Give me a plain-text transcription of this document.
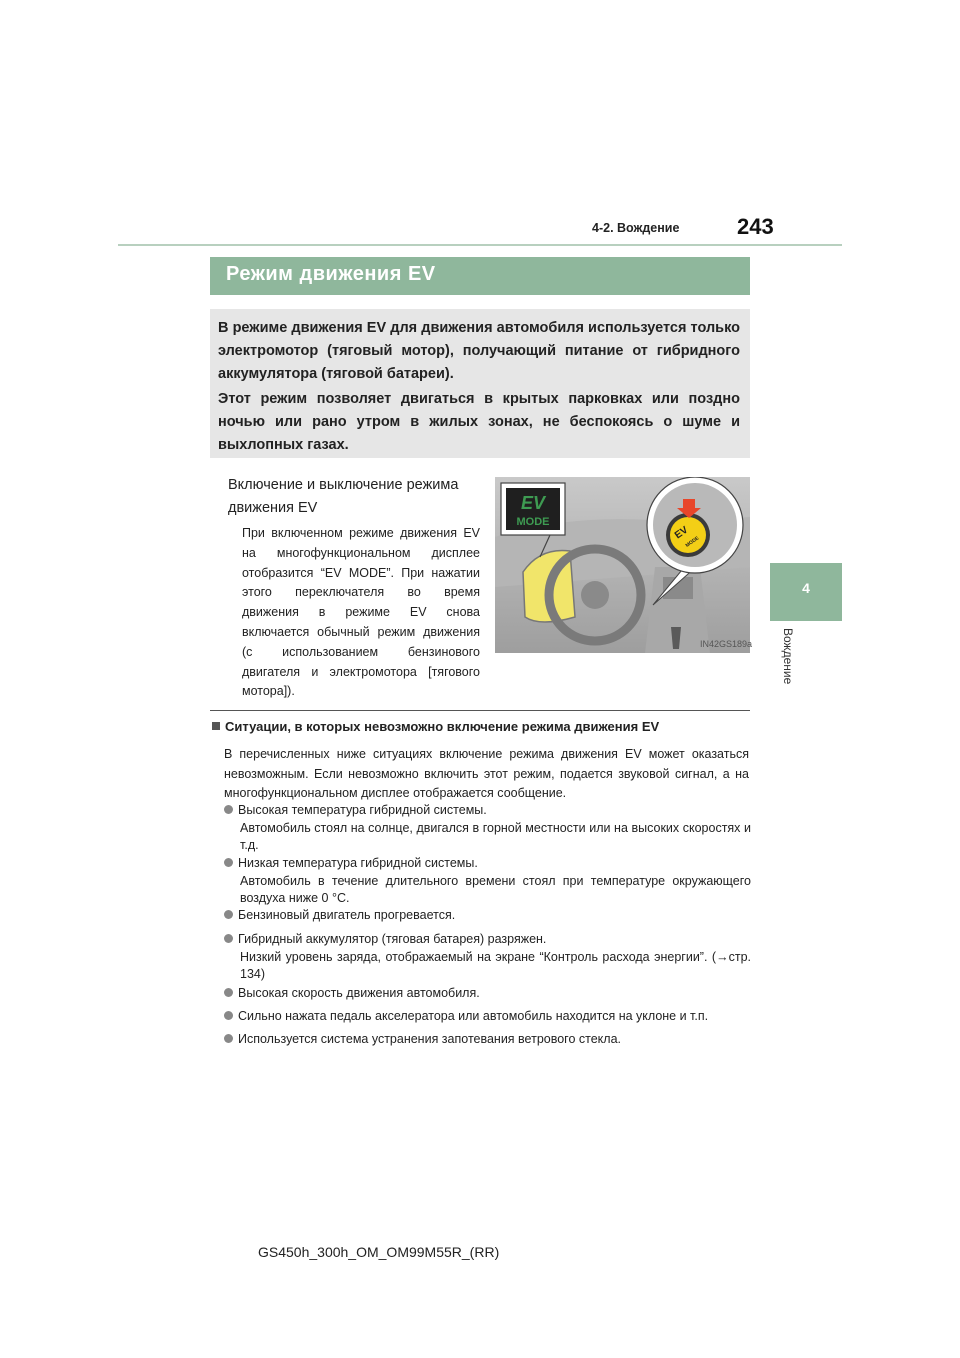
243
4-2. Вождение
4
Вождение
Режим движения EV
В режиме движения EV для движения автомобиля используется только электромотор (тяговый мотор), получающий питание от гибридного аккумулятора (тяговой батареи).
Этот режим позволяет двигаться в крытых парковках или поздно ночью или рано утром в жилых зонах, не беспокоясь о шуме и выхлопных газах.
Включение и выключение режима движения EV
При включенном режиме движения EV на многофункциональном дисплее отобразится “EV MODE”. При нажатии этого переключателя во время движения в режиме EV снова включается обычный режим движения (с использованием бензинового двигателя и электромотора [тягового мотора]).
EV
MODE
EV
MODE
IN42GS189a
Ситуации, в которых невозможно включение режима движения EV
В перечисленных ниже ситуациях включение режима движения EV может оказаться невозможным. Если невозможно включить этот режим, подается звуковой сигнал, а на многофункциональном дисплее отображается сообщение.
Высокая температура гибридной системы.
Автомобиль стоял на солнце, двигался в горной местности или на высоких скоростях и т.д.
Низкая температура гибридной системы.
Автомобиль в течение длительного времени стоял при температуре окружающего воздуха ниже 0 °C.
Бензиновый двигатель прогревается.
Гибридный аккумулятор (тяговая батарея) разряжен.
Низкий уровень заряда, отображаемый на экране “Контроль расхода энергии”. (→стр. 134)
Высокая скорость движения автомобиля.
Сильно нажата педаль акселератора или автомобиль находится на уклоне и т.п.
Используется система устранения запотевания ветрового стекла.
GS450h_300h_OM_OM99M55R_(RR)
